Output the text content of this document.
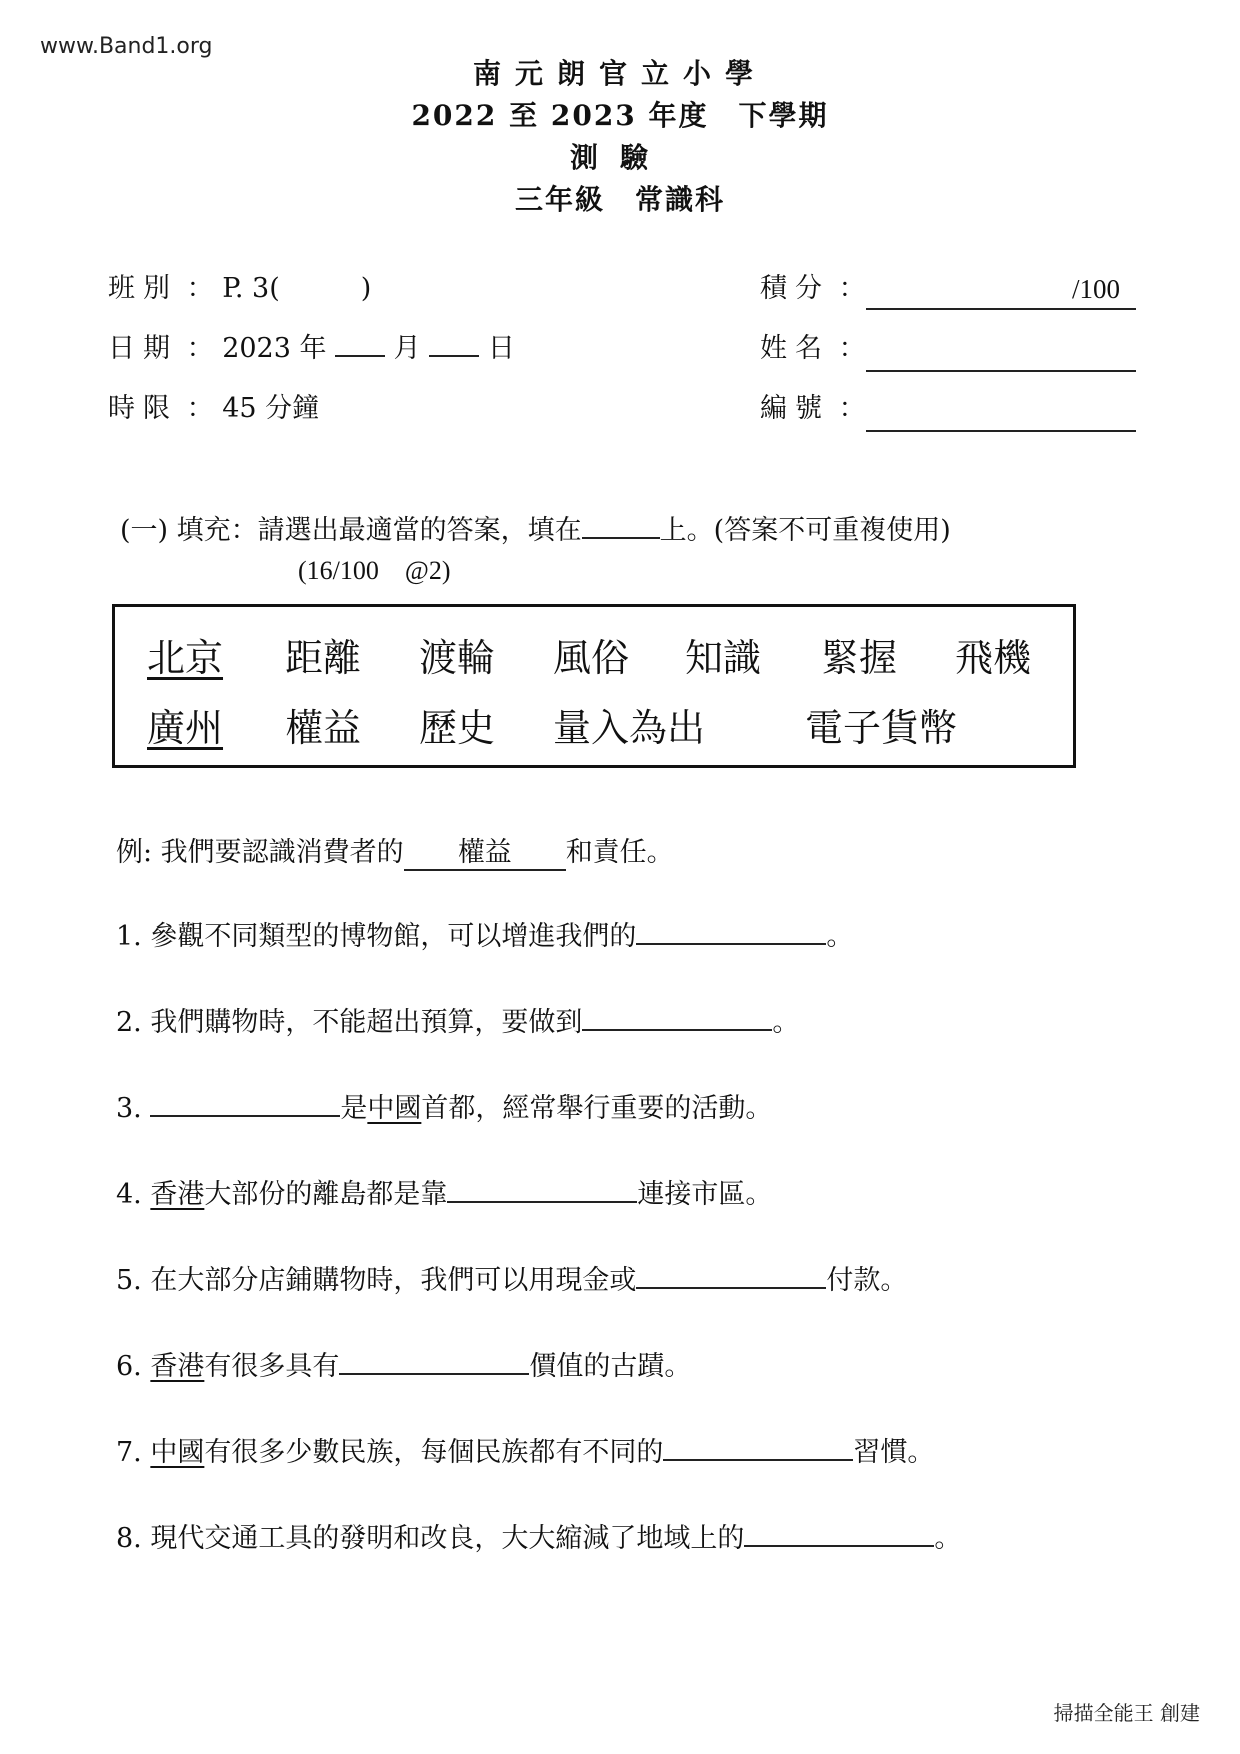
www.Band1.org
南元朗官立小學
2022 至 2023 年度　下學期
測驗
三年級　常識科
班別 ： P. 3(　　　)
日期 ： 2023 年 月 日
時限 ： 45 分鐘
積分 ：	/100
姓名 ：
編號 ：
(一) 填充：請選出最適當的答案，填在	上。(答案不可重複使用)
(16/100　@2)
北京 距離 渡輪 風俗 知識 緊握 飛機
廣州 權益 歷史 量入為出	電子貨幣
例: 我們要認識消費者的 權益 和責任。
1. 參觀不同類型的博物館，可以增進我們的	。
2. 我們購物時，不能超出預算，要做到	。
3.	是中國首都，經常舉行重要的活動。
4. 香港大部份的離島都是靠	連接市區。
5. 在大部分店鋪購物時，我們可以用現金或	付款。
6. 香港有很多具有	價值的古蹟。
7. 中國有很多少數民族，每個民族都有不同的	習慣。
8. 現代交通工具的發明和改良，大大縮減了地域上的	。
掃描全能王 創建
